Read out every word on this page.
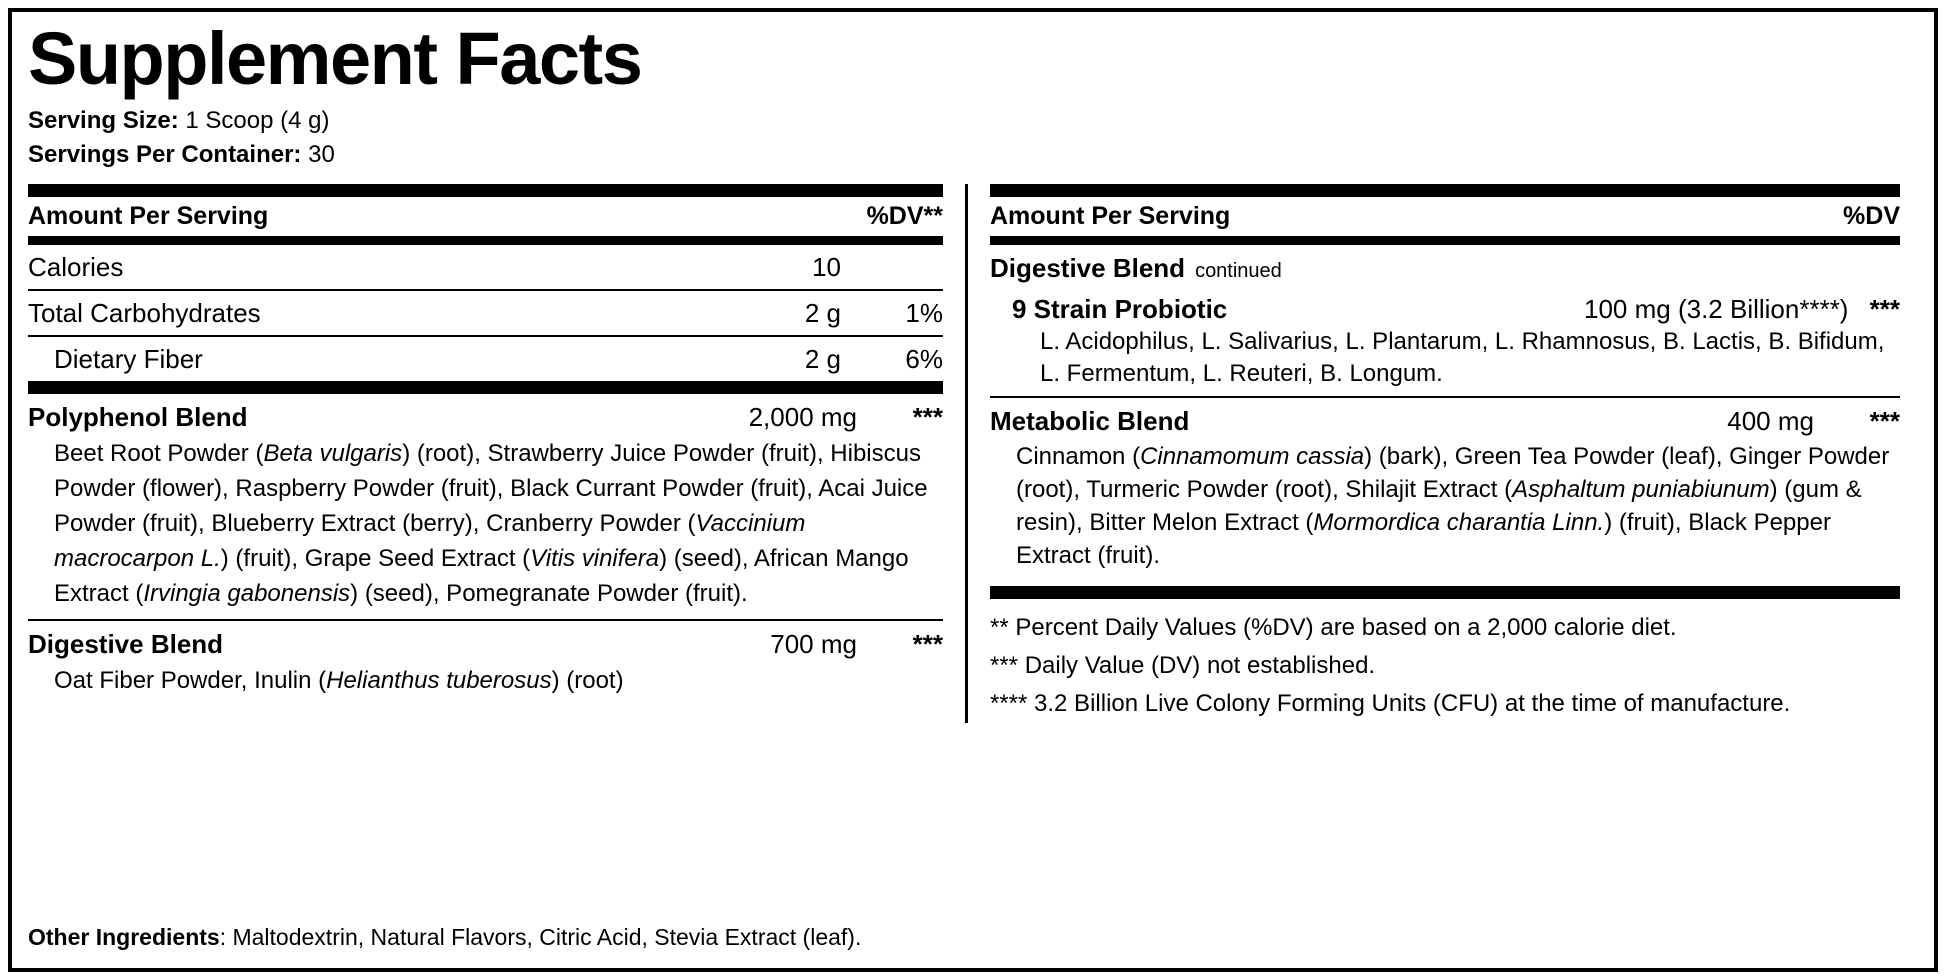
Supplement Facts
Serving Size: 1 Scoop (4 g)
Servings Per Container: 30
Amount Per Serving	%DV**
Calories	10
Total Carbohydrates	2 g	1%
Dietary Fiber	2 g	6%
Polyphenol Blend	2,000 mg	***
Beet Root Powder (Beta vulgaris) (root), Strawberry Juice Powder (fruit), Hibiscus Powder (flower), Raspberry Powder (fruit), Black Currant Powder (fruit), Acai Juice Powder (fruit), Blueberry Extract (berry), Cranberry Powder (Vaccinium macrocarpon L.) (fruit), Grape Seed Extract (Vitis vinifera) (seed), African Mango Extract (Irvingia gabonensis) (seed), Pomegranate Powder (fruit).
Digestive Blend	700 mg	***
Oat Fiber Powder, Inulin (Helianthus tuberosus) (root)
Amount Per Serving	%DV
Digestive Blend continued
9 Strain Probiotic	100 mg (3.2 Billion****) ***
L. Acidophilus, L. Salivarius, L. Plantarum, L. Rhamnosus, B. Lactis, B. Bifidum, L. Fermentum, L. Reuteri, B. Longum.
Metabolic Blend	400 mg	***
Cinnamon (Cinnamomum cassia) (bark), Green Tea Powder (leaf), Ginger Powder (root), Turmeric Powder (root), Shilajit Extract (Asphaltum puniabiunum) (gum & resin), Bitter Melon Extract (Mormordica charantia Linn.) (fruit), Black Pepper Extract (fruit).
** Percent Daily Values (%DV) are based on a 2,000 calorie diet.
*** Daily Value (DV) not established.
**** 3.2 Billion Live Colony Forming Units (CFU) at the time of manufacture.
Other Ingredients: Maltodextrin, Natural Flavors, Citric Acid, Stevia Extract (leaf).
